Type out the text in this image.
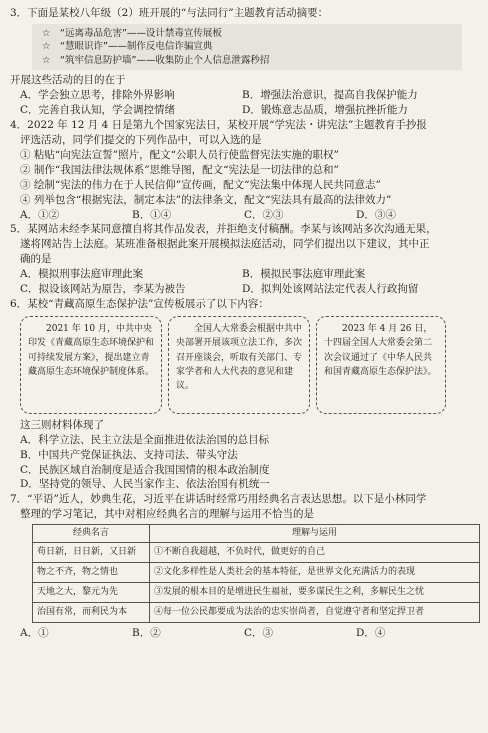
3．下面是某校八年级（2）班开展的“与法同行”主题教育活动摘要：

☆　“远离毒品危害”——设计禁毒宣传展板
☆　“慧眼识诈”——制作反电信诈骗宣典
☆　“筑牢信息防护墙”——收集防止个人信息泄露秒招

开展这些活动的目的在于

A．学会独立思考，排除外界影响	B．增强法治意识，提高自我保护能力
C．完善自我认知，学会调控情绪	D．锻炼意志品质，增强抗挫折能力

4．2022 年 12 月 4 日是第九个国家宪法日，某校开展“学宪法・讲宪法”主题教育手抄报

评选活动，同学们提交的下列作品中，可以入选的是

① 粘贴“向宪法宣誓”照片，配文“公职人员行使监督宪法实施的职权”
② 制作“我国法律法规体系”思维导图，配文“宪法是一切法律的总和”
③ 绘制“宪法的伟力在于人民信仰”宣传画，配文“宪法集中体现人民共同意志”
④ 列举包含“根据宪法，制定本法”的法律条文，配文“宪法具有最高的法律效力”
A．①②	B．①④	C．②③	D．③④

5．某网站未经李某同意擅自将其作品发表，并拒绝支付稿酬。李某与该网站多次沟通无果，

遂将网站告上法庭。某班准备根据此案开展模拟法庭活动，同学们提出以下建议，其中正

确的是

A．模拟刑事法庭审理此案	B．模拟民事法庭审理此案
C．拟设该网站为原告，李某为被告	D．拟判处该网站法定代表人行政拘留

6．某校“青藏高原生态保护法”宣传板展示了以下内容：

　　2021 年 10 月，中共中央印发《青藏高原生态环境保护和可持续发展方案》，提出建立青藏高原生态环境保护制度体系。
　　全国人大常委会根据中共中央部署开展该项立法工作，多次召开座谈会，听取有关部门、专家学者和人大代表的意见和建议。
　　2023 年 4 月 26 日，十四届全国人大常委会第二次会议通过了《中华人民共和国青藏高原生态保护法》。

这三则材料体现了

A．科学立法、民主立法是全面推进依法治国的总目标
B．中国共产党保证执法、支持司法、带头守法
C．民族区域自治制度是适合我国国情的根本政治制度
D．坚持党的领导、人民当家作主、依法治国有机统一

7．“平语”近人，妙典生花，习近平在讲话时经常巧用经典名言表达思想。以下是小林同学

整理的学习笔记，其中对相应经典名言的理解与运用不恰当的是

经典名言	理解与运用
苟日新，日日新，又日新	①不断自我超越，不负时代，做更好的自己
物之不齐，物之情也	②文化多样性是人类社会的基本特征，是世界文化充满活力的表现
天地之大，黎元为先	③发展的根本目的是增进民生福祉，要多谋民生之利，多解民生之忧
治国有常，而利民为本	④每一位公民都要成为法治的忠实崇尚者，自觉遵守者和坚定捍卫者
A．①	B．②	C．③	D．④
